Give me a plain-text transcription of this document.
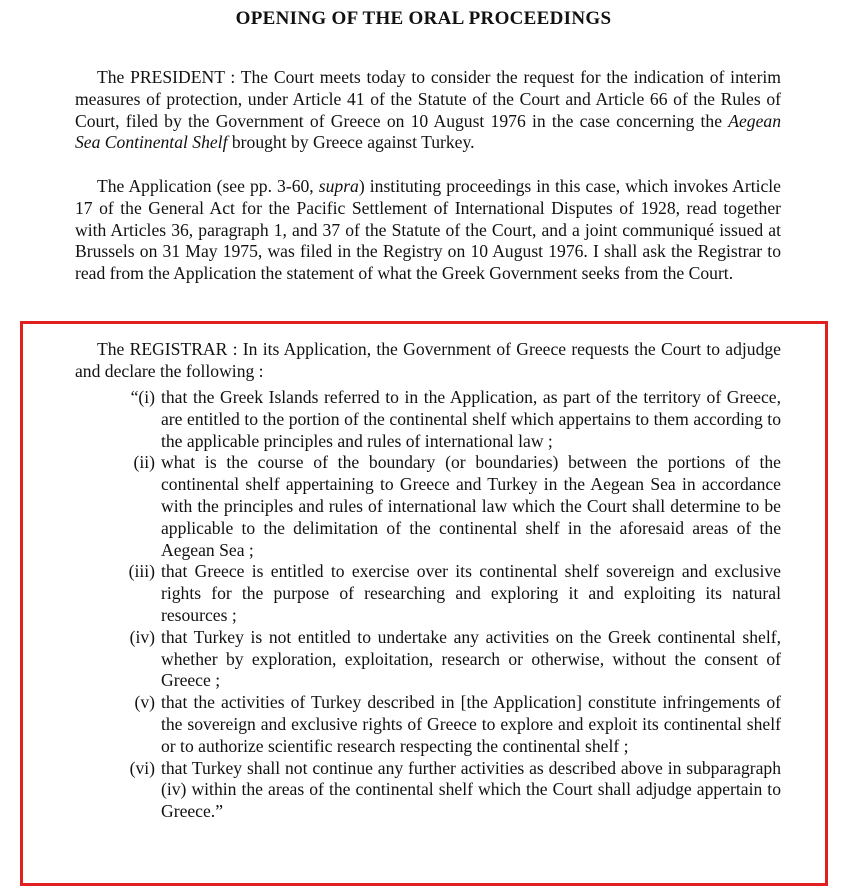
OPENING OF THE ORAL PROCEEDINGS
The PRESIDENT : The Court meets today to consider the request for the indication of interim measures of protection, under Article 41 of the Statute of the Court and Article 66 of the Rules of Court, filed by the Government of Greece on 10 August 1976 in the case concerning the Aegean Sea Continental Shelf brought by Greece against Turkey.
The Application (see pp. 3-60, supra) instituting proceedings in this case, which invokes Article 17 of the General Act for the Pacific Settlement of International Disputes of 1928, read together with Articles 36, paragraph 1, and 37 of the Statute of the Court, and a joint communiqué issued at Brussels on 31 May 1975, was filed in the Registry on 10 August 1976. I shall ask the Registrar to read from the Application the statement of what the Greek Government seeks from the Court.
The REGISTRAR : In its Application, the Government of Greece requests the Court to adjudge and declare the following :
“(i) that the Greek Islands referred to in the Application, as part of the territory of Greece, are entitled to the portion of the continental shelf which appertains to them according to the applicable principles and rules of international law ;
(ii) what is the course of the boundary (or boundaries) between the portions of the continental shelf appertaining to Greece and Turkey in the Aegean Sea in accordance with the principles and rules of international law which the Court shall determine to be applicable to the delimitation of the continental shelf in the aforesaid areas of the Aegean Sea ;
(iii) that Greece is entitled to exercise over its continental shelf sovereign and exclusive rights for the purpose of researching and exploring it and exploiting its natural resources ;
(iv) that Turkey is not entitled to undertake any activities on the Greek continental shelf, whether by exploration, exploitation, research or otherwise, without the consent of Greece ;
(v) that the activities of Turkey described in [the Application] constitute infringements of the sovereign and exclusive rights of Greece to explore and exploit its continental shelf or to authorize scientific research respecting the continental shelf ;
(vi) that Turkey shall not continue any further activities as described above in subparagraph (iv) within the areas of the continental shelf which the Court shall adjudge appertain to Greece.”
